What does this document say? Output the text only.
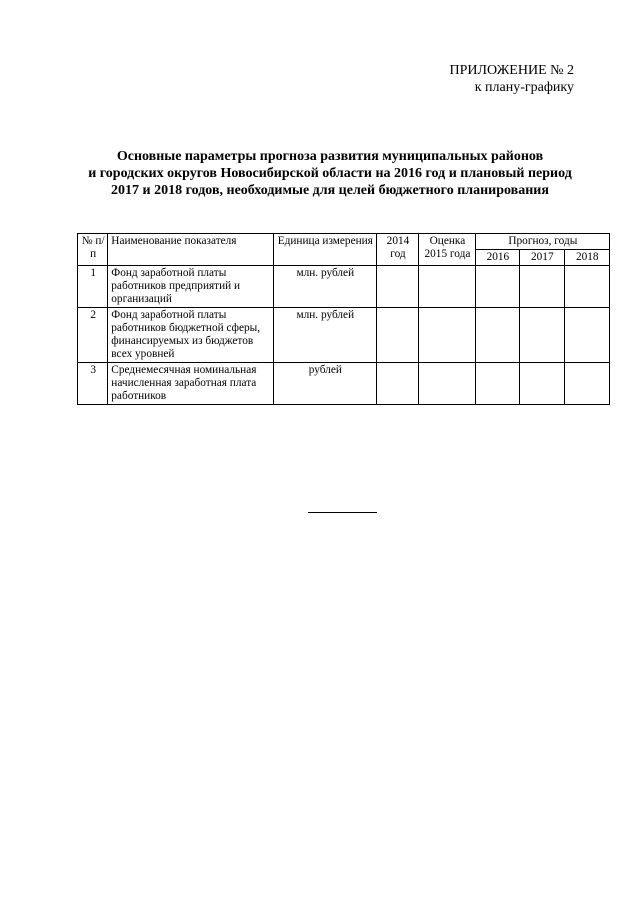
ПРИЛОЖЕНИЕ № 2
к плану-графику
Основные параметры прогноза развития муниципальных районов
и городских округов Новосибирской области на 2016 год и плановый период
2017 и 2018 годов, необходимые для целей бюджетного планирования
№ п/п	Наименование показателя	Единица измерения	2014 год	Оценка 2015 года	Прогноз, годы		
					2016	2017	2018
1	Фонд заработной платы работников предприятий и организаций	млн. рублей					
2	Фонд заработной платы работников бюджетной сферы, финансируемых из бюджетов всех уровней	млн. рублей					
3	Среднемесячная номинальная начисленная заработная плата работников	рублей					
